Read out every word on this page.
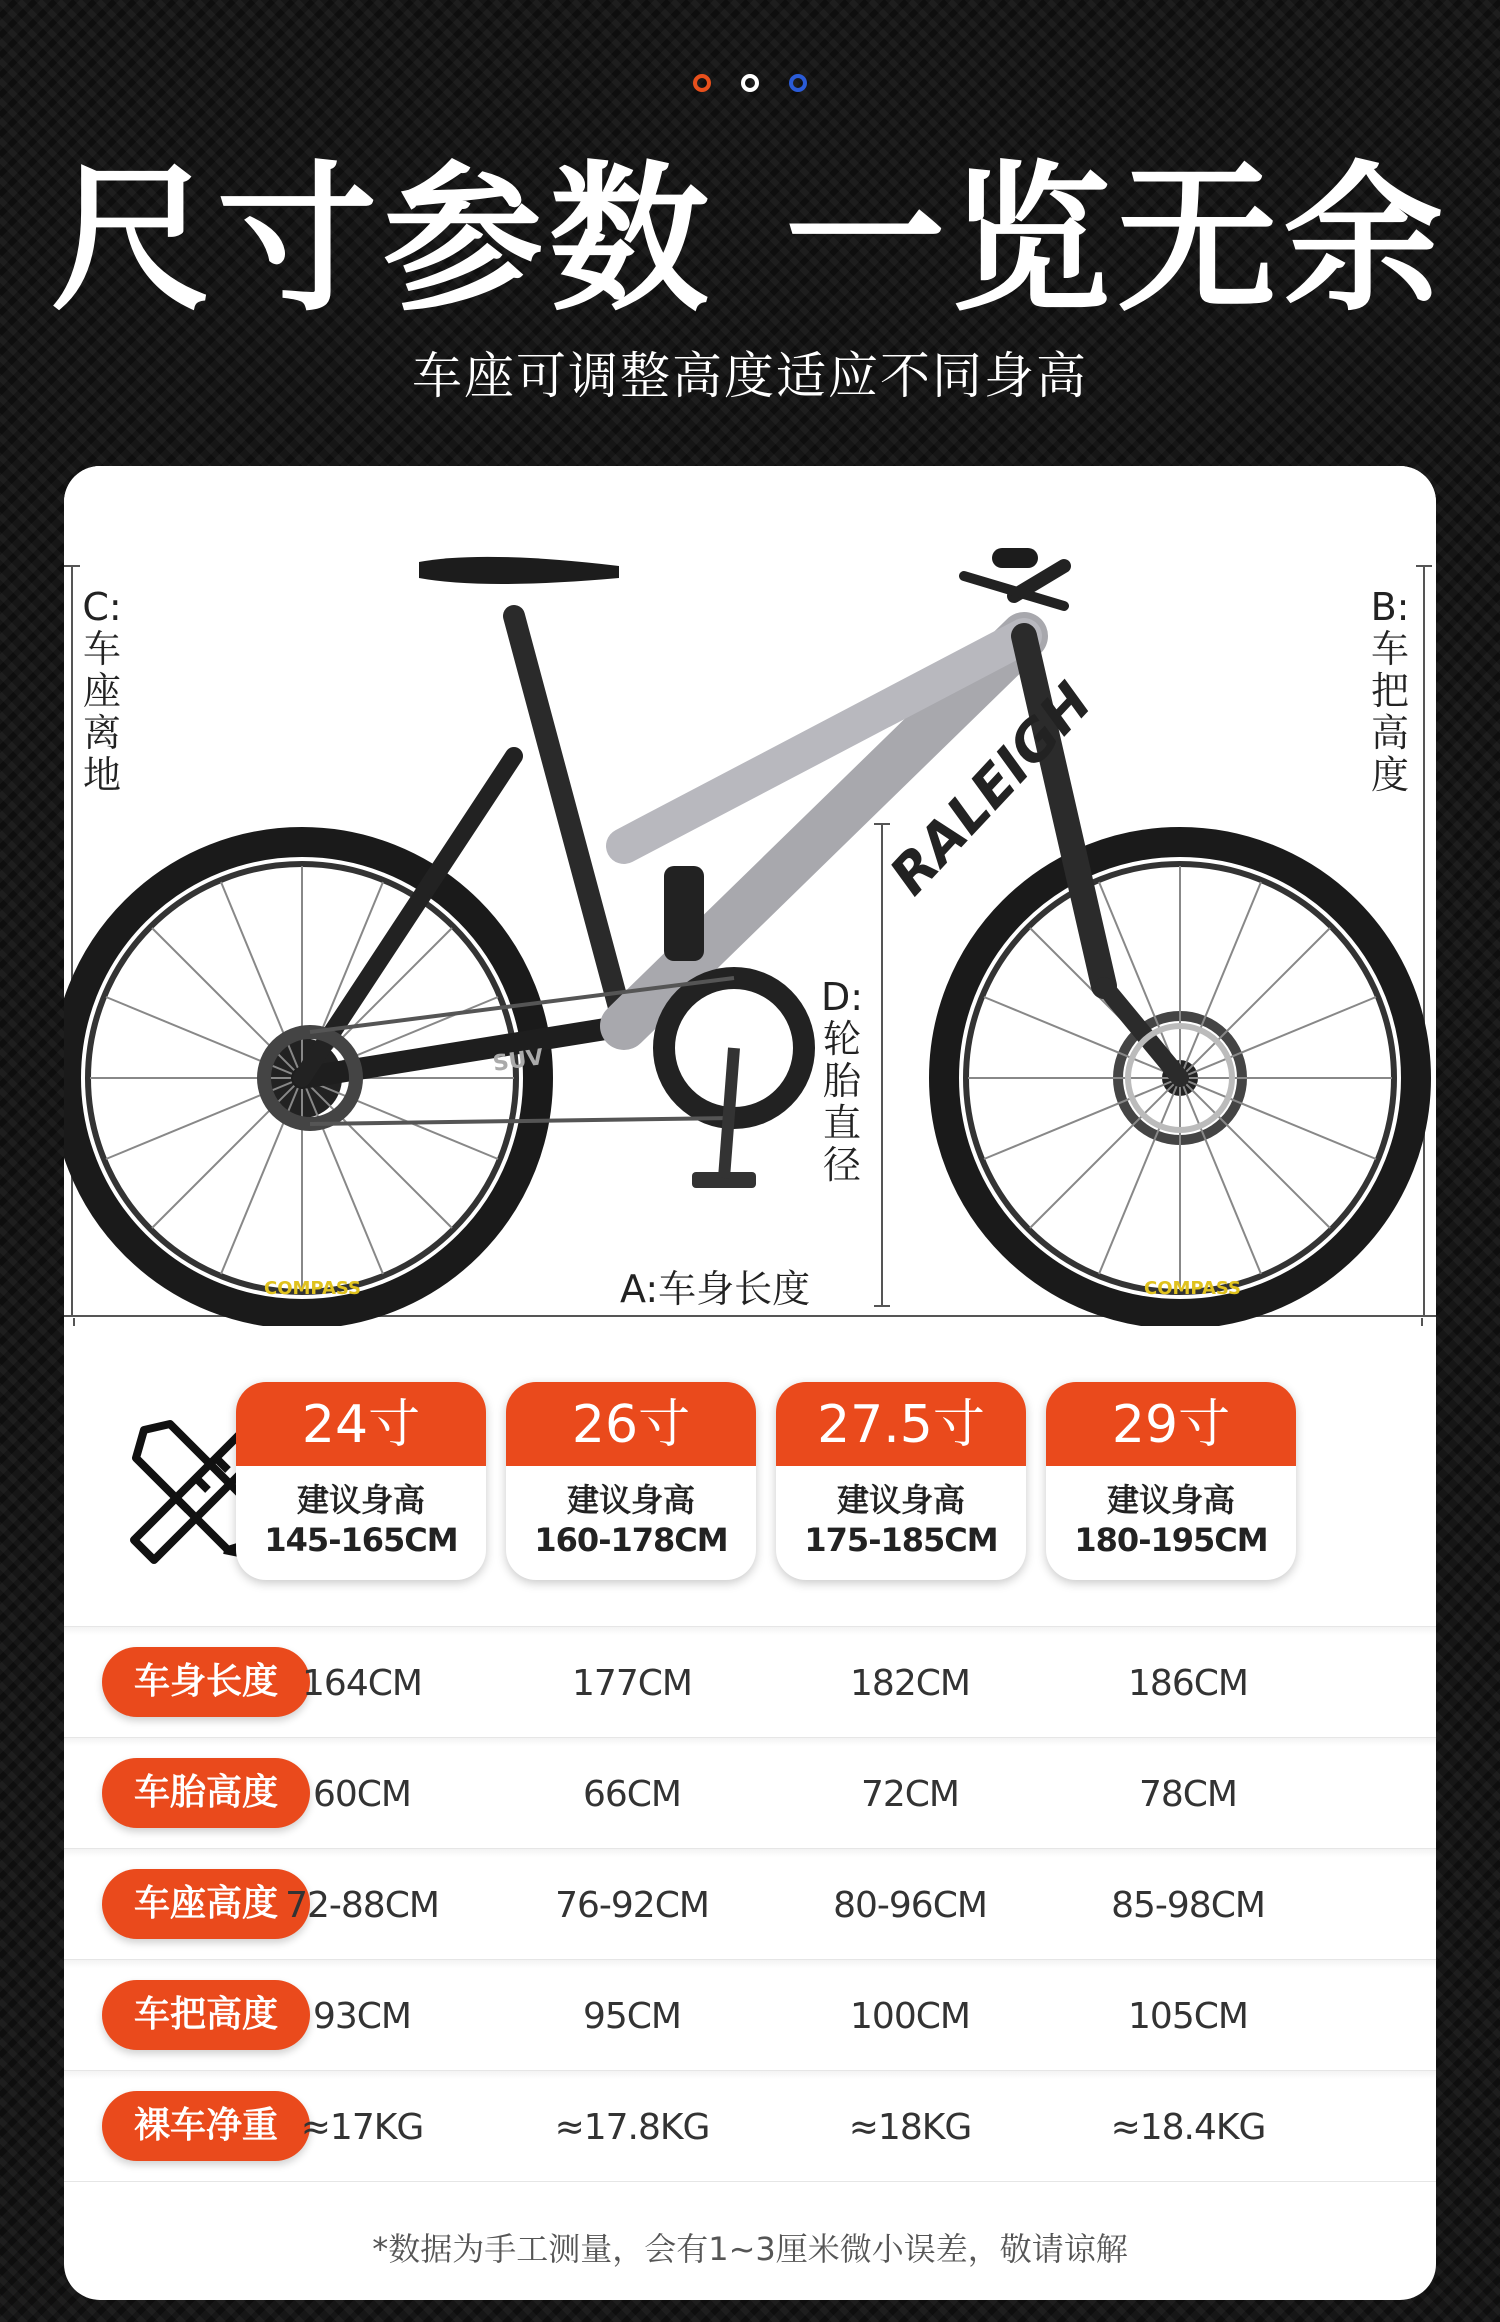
尺寸参数 一览无余
车座可调整高度适应不同身高
RALEIGH
SUV
COMPASS	COMPASS
C:车座离地
B:车把高度
D:轮胎直径
A:车身长度
24寸
建议身高
145-165CM
26寸
建议身高
160-178CM
27.5寸
建议身高
175-185CM
29寸
建议身高
180-195CM
车身长度 164CM	177CM	182CM	186CM
车胎高度 60CM	66CM	72CM	78CM
车座高度 72-88CM	76-92CM	80-96CM	85-98CM
车把高度 93CM	95CM	100CM	105CM
裸车净重 ≈17KG	≈17.8KG	≈18KG	≈18.4KG
*数据为手工测量，会有1~3厘米微小误差，敬请谅解
